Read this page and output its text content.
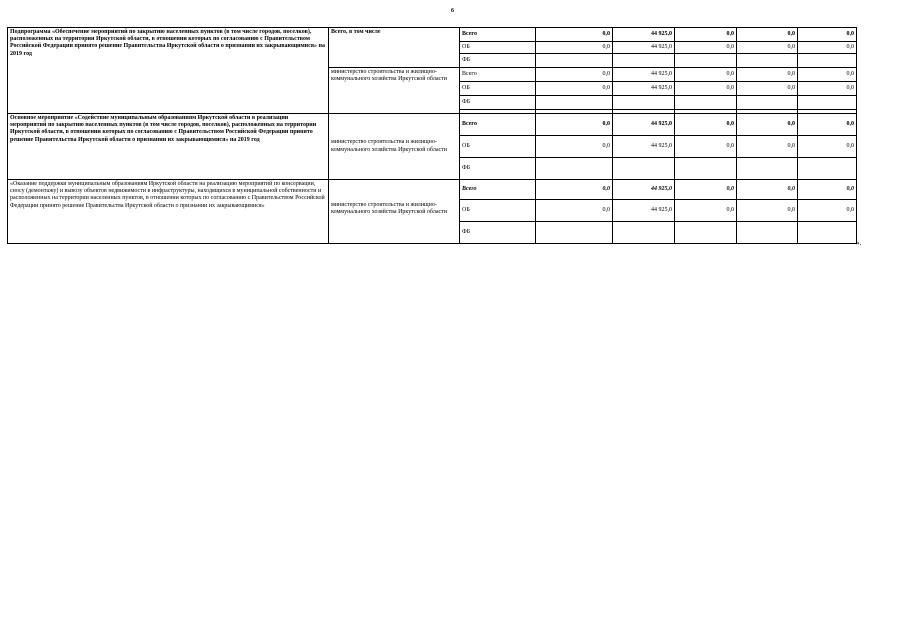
6
Подпрограмма «Обеспечение мероприятий по закрытию населенных пунктов (в том числе городов, поселков), расположенных на территории Иркутской области, в отношении которых по согласованию с Правительством Российской Федерации принято решение Правительства Иркутской области о признании их закрывающимися» на 2019 год	Всего, в том числе	Всего	0,0	44 925,0	0,0	0,0	0,0
		ОБ	0,0	44 925,0	0,0	0,0	0,0
		ФБ					
	министерство строительства и жилищно-коммунального хозяйства Иркутской области	Всего	0,0	44 925,0	0,0	0,0	0,0
		ОБ	0,0	44 925,0	0,0	0,0	0,0
		ФБ					

Основное мероприятие «Содействие муниципальным образованиям Иркутской области в реализации мероприятий по закрытию населенных пунктов (в том числе городов, поселков), расположенных на территории Иркутской области, в отношении которых по согласованию с Правительством Российской Федерации принято решение Правительства Иркутской области о признании их закрывающимися» на 2019 год	министерство строительства и жилищно-коммунального хозяйства Иркутской области	Всего	0,0	44 925,0	0,0	0,0	0,0
		ОБ	0,0	44 925,0	0,0	0,0	0,0
		ФБ					
«Оказание поддержки муниципальным образованиям Иркутской области на реализацию мероприятий по консервации, сносу (демонтажу) и вывозу объектов недвижимости в инфраструктуры, находящихся в муниципальной собственности и расположенных на территории населенных пунктов, в отношении которых по согласованию с Правительством Российской Федерации принято решение Правительства Иркутской области о признании их закрывающимися»	министерство строительства и жилищно-коммунального хозяйства Иркутской области	Всего	0,0	44 925,0	0,0	0,0	0,0
		ОБ	0,0	44 925,0	0,0	0,0	0,0
		ФБ					
».
